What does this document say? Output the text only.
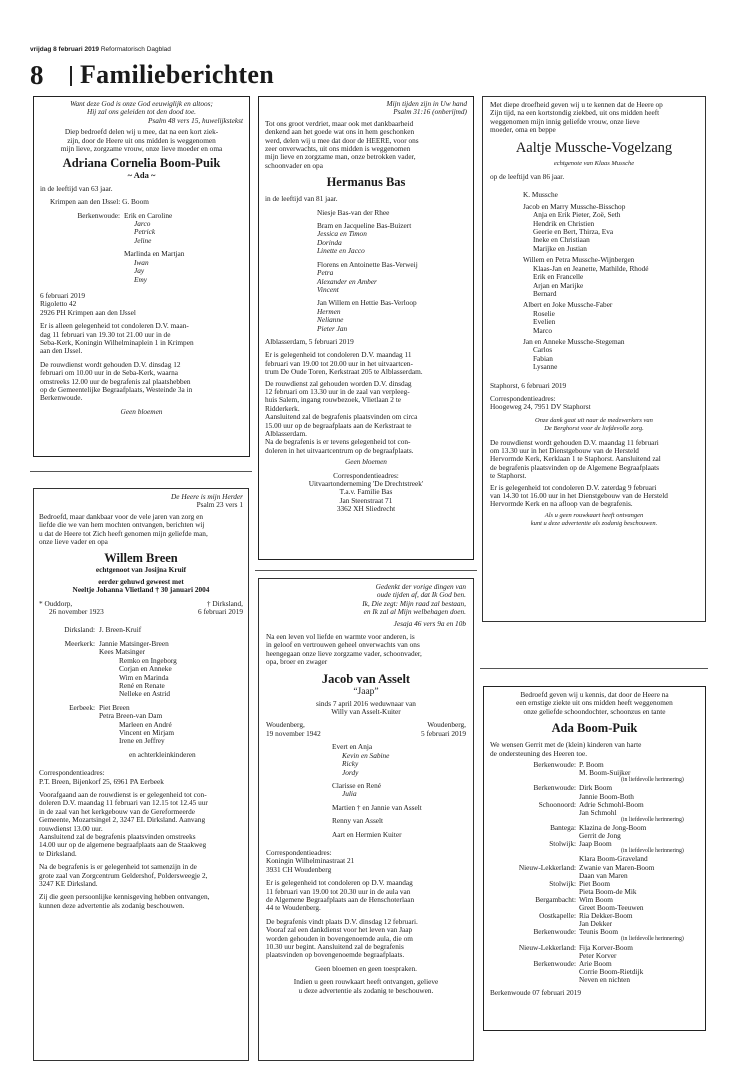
vrijdag 8 februari 2019 Reformatorisch Dagblad
8 Familieberichten

Want deze God is onze God eeuwiglijk en altoos;

Hij zal ons geleiden tot den dood toe.

Psalm 48 vers 15, huwelijkstekst

Diep bedroefd delen wij u mee, dat na een kort ziek-

zijn, door de Heere uit ons midden is weggenomen

mijn lieve, zorgzame vrouw, onze lieve moeder en oma

Adriana Cornelia Boom-Puik

~ Ada ~

in de leeftijd van 63 jaar.

Krimpen aan den IJssel: G. Boom

Berkenwoude: Erik en Caroline

Jarco

Petrick

Jeline

Marlinda en Martjan

Iwan

Jay

Emy

6 februari 2019

Rigoletto 42

2926 PH Krimpen aan den IJssel

Er is alleen gelegenheid tot condoleren D.V. maan-

dag 11 februari van 19.30 tot 21.00 uur in de

Seba-Kerk, Koningin Wilhelminaplein 1 in Krimpen

aan den IJssel.

De rouwdienst wordt gehouden D.V. dinsdag 12

februari om 10.00 uur in de Seba-Kerk, waarna

omstreeks 12.00 uur de begrafenis zal plaatshebben

op de Gemeentelijke Begraafplaats, Westeinde 3a in

Berkenwoude.

Geen bloemen

Mijn tijden zijn in Uw hand

Psalm 31:16 (onberijmd)

Tot ons groot verdriet, maar ook met dankbaarheid

denkend aan het goede wat ons in hem geschonken

werd, delen wij u mee dat door de HEERE, voor ons

zeer onverwachts, uit ons midden is weggenomen

mijn lieve en zorgzame man, onze betrokken vader,

schoonvader en opa

Hermanus Bas

in de leeftijd van 81 jaar.

Niesje Bas-van der Rhee

Bram en Jacqueline Bas-Buizert

Jessica en Timon

Dorinda

Linette en Jacco

Florens en Antoinette Bas-Verweij

Petra

Alexander en Amber

Vincent

Jan Willem en Hettie Bas-Verloop

Hermen

Nelianne

Pieter Jan

Alblasserdam, 5 februari 2019

Er is gelegenheid tot condoleren D.V. maandag 11

februari van 19.00 tot 20.00 uur in het uitvaartcen-

trum De Oude Toren, Kerkstraat 205 te Alblasserdam.

De rouwdienst zal gehouden worden D.V. dinsdag

12 februari om 13.30 uur in de zaal van verpleeg-

huis Salem, ingang rouwbezoek, Vlietlaan 2 te

Ridderkerk.

Aansluitend zal de begrafenis plaatsvinden om circa

15.00 uur op de begraafplaats aan de Kerkstraat te

Alblasserdam.

Na de begrafenis is er tevens gelegenheid tot con-

doleren in het uitvaartcentrum op de begraafplaats.

Geen bloemen

Correspondentieadres:

Uitvaartonderneming 'De Drechtstreek'

T.a.v. Familie Bas

Jan Steenstraat 71

3362 XH Sliedrecht

Met diepe droefheid geven wij u te kennen dat de Heere op

Zijn tijd, na een kortstondig ziekbed, uit ons midden heeft

weggenomen mijn innig geliefde vrouw, onze lieve

moeder, oma en beppe

Aaltje Mussche-Vogelzang

echtgenote van Klaas Mussche

op de leeftijd van 86 jaar.

K. Mussche

Jacob en Marry Mussche-Bisschop

Anja en Erik Pieter, Zoë, Seth

Hendrik en Christien

Geerie en Bert, Thirza, Eva

Ineke en Christiaan

Marijke en Justian

Willem en Petra Mussche-Wijnbergen

Klaas-Jan en Jeanette, Mathilde, Rhodé

Erik en Francelle

Arjan en Marijke

Bernard

Albert en Joke Mussche-Faber

Roselie

Evelien

Marco

Jan en Anneke Mussche-Stegeman

Carlos

Fabian

Lysanne

Staphorst, 6 februari 2019

Correspondentieadres:

Hoogeweg 24, 7951 DV Staphorst

Onze dank gaat uit naar de medewerkers van

De Berghorst voor de liefdevolle zorg.

De rouwdienst wordt gehouden D.V. maandag 11 februari

om 13.30 uur in het Dienstgebouw van de Hersteld

Hervormde Kerk, Kerklaan 1 te Staphorst. Aansluitend zal

de begrafenis plaatsvinden op de Algemene Begraafplaats

te Staphorst.

Er is gelegenheid tot condoleren D.V. zaterdag 9 februari

van 14.30 tot 16.00 uur in het Dienstgebouw van de Hersteld

Hervormde Kerk en na afloop van de begrafenis.

Als u geen rouwkaart heeft ontvangen

kunt u deze advertentie als zodanig beschouwen.

De Heere is mijn Herder

Psalm 23 vers 1

Bedroefd, maar dankbaar voor de vele jaren van zorg en

liefde die we van hem mochten ontvangen, berichten wij

u dat de Heere tot Zich heeft genomen mijn geliefde man,

onze lieve vader en opa

Willem Breen

echtgenoot van Josijna Kruif

eerder gehuwd geweest met

Neeltje Johanna Vlietland † 30 januari 2004

* Ouddorp,

26 november 1923

† Dirksland,

6 februari 2019

Dirksland: J. Breen-Kruif
Meerkerk: Jannie Matsinger-Breen

Kees Matsinger

Remko en Ingeborg

Corjan en Anneke

Wim en Marinda

René en Renate

Nelleke en Astrid

Eerbeek: Piet Breen

Petra Breen-van Dam

Marleen en André

Vincent en Mirjam

Irene en Jeffrey

en achterkleinkinderen

Correspondentieadres:

P.T. Breen, Bijenkorf 25, 6961 PA Eerbeek

Voorafgaand aan de rouwdienst is er gelegenheid tot con-

doleren D.V. maandag 11 februari van 12.15 tot 12.45 uur

in de zaal van het kerkgebouw van de Gereformeerde

Gemeente, Mozartsingel 2, 3247 EL Dirksland. Aanvang

rouwdienst 13.00 uur.

Aansluitend zal de begrafenis plaatsvinden omstreeks

14.00 uur op de algemene begraafplaats aan de Staakweg

te Dirksland.

Na de begrafenis is er gelegenheid tot samenzijn in de

grote zaal van Zorgcentrum Geldershof, Poldersweegje 2,

3247 KE Dirksland.

Zij die geen persoonlijke kennisgeving hebben ontvangen,

kunnen deze advertentie als zodanig beschouwen.

Gedenkt der vorige dingen van

oude tijden af, dat Ik God ben.

Ik, Die zegt: Mijn raad zal bestaan,

en Ik zal al Mijn welbehagen doen.

Jesaja 46 vers 9a en 10b

Na een leven vol liefde en warmte voor anderen, is

in geloof en vertrouwen geheel onverwachts van ons

heengegaan onze lieve zorgzame vader, schoonvader,

opa, broer en zwager

Jacob van Asselt

“Jaap”

sinds 7 april 2016 weduwnaar van

Willy van Asselt-Kuiter

Woudenberg,

19 november 1942

Woudenberg,

5 februari 2019

Evert en Anja

Kevin en Sabine

Ricky

Jordy

Clarisse en René

Julia

Martien † en Jannie van Asselt

Renny van Asselt

Aart en Hermien Kuiter

Correspondentieadres:

Koningin Wilhelminastraat 21

3931 CH Woudenberg

Er is gelegenheid tot condoleren op D.V. maandag

11 februari van 19.00 tot 20.30 uur in de aula van

de Algemene Begraafplaats aan de Henschoterlaan

44 te Woudenberg.

De begrafenis vindt plaats D.V. dinsdag 12 februari.

Vooraf zal een dankdienst voor het leven van Jaap

worden gehouden in bovengenoemde aula, die om

10.30 uur begint. Aansluitend zal de begrafenis

plaatsvinden op bovengenoemde begraafplaats.

Geen bloemen en geen toespraken.

Indien u geen rouwkaart heeft ontvangen, gelieve

u deze advertentie als zodanig te beschouwen.

Bedroefd geven wij u kennis, dat door de Heere na

een ernstige ziekte uit ons midden heeft weggenomen

onze geliefde schoondochter, schoonzus en tante

Ada Boom-Puik

We wensen Gerrit met de (klein) kinderen van harte

de ondersteuning des Heeren toe.

Berkenwoude: P. Boom
M. Boom-Suijker
(in liefdevolle herinnering)
Berkenwoude: Dirk Boom
Jannie Boom-Both
Schoonoord: Adrie Schmohl-Boom
Jan Schmohl
(in liefdevolle herinnering)
Bantega: Klazina de Jong-Boom
Gerrit de Jong
Stolwijk: Jaap Boom
(in liefdevolle herinnering)
Klara Boom-Graveland
Nieuw-Lekkerland: Zwanie van Maren-Boom
Daan van Maren
Stolwijk: Piet Boom
Pieta Boom-de Mik
Bergambacht: Wim Boom
Greet Boom-Teeuwen
Oostkapelle: Ria Dekker-Boom
Jan Dekker
Berkenwoude: Teunis Boom
(in liefdevolle herinnering)
Nieuw-Lekkerland: Fija Korver-Boom
Peter Korver
Berkenwoude: Arie Boom
Corrie Boom-Rietdijk
Neven en nichten

Berkenwoude 07 februari 2019
